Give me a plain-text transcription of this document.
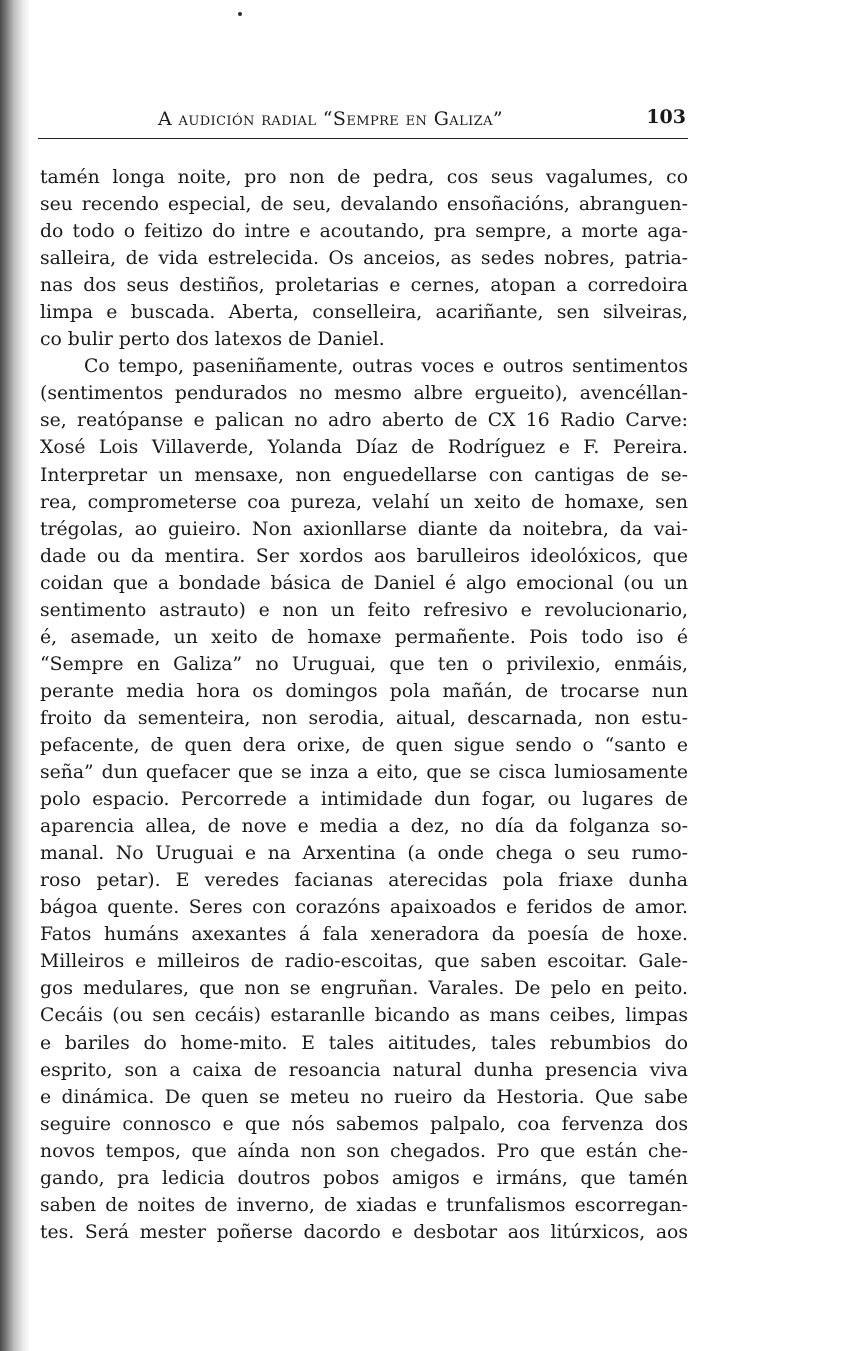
A audición radial “Sempre en Galiza”	103
tamén longa noite, pro non de pedra, cos seus vagalumes, co
seu recendo especial, de seu, devalando ensoñacións, abranguen-
do todo o feitizo do intre e acoutando, pra sempre, a morte aga-
salleira, de vida estrelecida. Os anceios, as sedes nobres, patria-
nas dos seus destiños, proletarias e cernes, atopan a corredoira
limpa e buscada. Aberta, conselleira, acariñante, sen silveiras,
co bulir perto dos latexos de Daniel.
Co tempo, paseniñamente, outras voces e outros sentimentos
(sentimentos pendurados no mesmo albre ergueito), avencéllan-
se, reatópanse e palican no adro aberto de CX 16 Radio Carve:
Xosé Lois Villaverde, Yolanda Díaz de Rodríguez e F. Pereira.
Interpretar un mensaxe, non enguedellarse con cantigas de se-
rea, comprometerse coa pureza, velahí un xeito de homaxe, sen
trégolas, ao guieiro. Non axionllarse diante da noitebra, da vai-
dade ou da mentira. Ser xordos aos barulleiros ideolóxicos, que
coidan que a bondade básica de Daniel é algo emocional (ou un
sentimento astrauto) e non un feito refresivo e revolucionario,
é, asemade, un xeito de homaxe permañente. Pois todo iso é
“Sempre en Galiza” no Uruguai, que ten o privilexio, enmáis,
perante media hora os domingos pola mañán, de trocarse nun
froito da sementeira, non serodia, aitual, descarnada, non estu-
pefacente, de quen dera orixe, de quen sigue sendo o “santo e
seña” dun quefacer que se inza a eito, que se cisca lumiosamente
polo espacio. Percorrede a intimidade dun fogar, ou lugares de
aparencia allea, de nove e media a dez, no día da folganza so-
manal. No Uruguai e na Arxentina (a onde chega o seu rumo-
roso petar). E veredes facianas aterecidas pola friaxe dunha
bágoa quente. Seres con corazóns apaixoados e feridos de amor.
Fatos humáns axexantes á fala xeneradora da poesía de hoxe.
Milleiros e milleiros de radio-escoitas, que saben escoitar. Gale-
gos medulares, que non se engruñan. Varales. De pelo en peito.
Cecáis (ou sen cecáis) estaranlle bicando as mans ceibes, limpas
e bariles do home-mito. E tales aititudes, tales rebumbios do
esprito, son a caixa de resoancia natural dunha presencia viva
e dinámica. De quen se meteu no rueiro da Hestoria. Que sabe
seguire connosco e que nós sabemos palpalo, coa fervenza dos
novos tempos, que aínda non son chegados. Pro que están che-
gando, pra ledicia doutros pobos amigos e irmáns, que tamén
saben de noites de inverno, de xiadas e trunfalismos escorregan-
tes. Será mester poñerse dacordo e desbotar aos litúrxicos, aos
